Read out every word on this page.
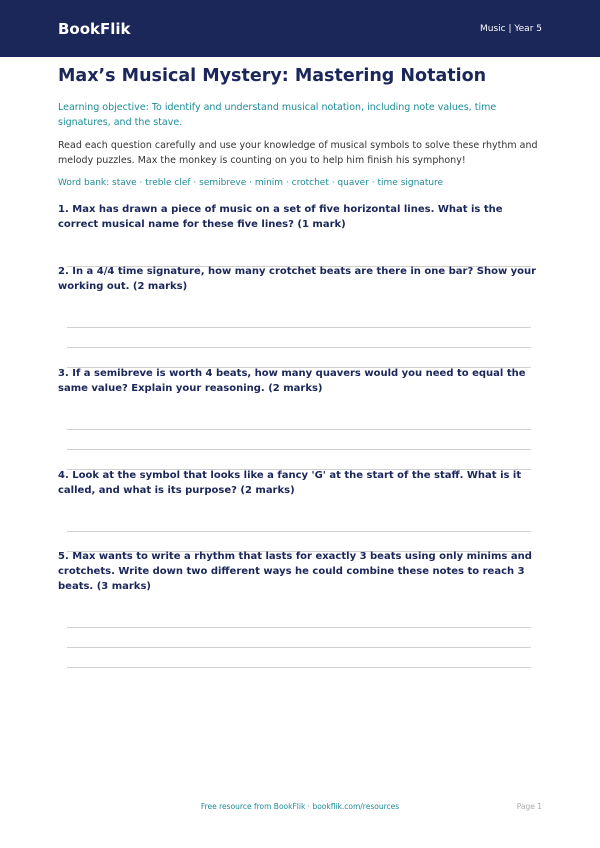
BookFlik	Music | Year 5
Max’s Musical Mystery: Mastering Notation

Learning objective: To identify and understand musical notation, including note values, time signatures, and the stave.

Read each question carefully and use your knowledge of musical symbols to solve these rhythm and melody puzzles. Max the monkey is counting on you to help him finish his symphony!

Word bank: stave · treble clef · semibreve · minim · crotchet · quaver · time signature

1. Max has drawn a piece of music on a set of five horizontal lines. What is the correct musical name for these five lines? (1 mark)
2. In a 4/4 time signature, how many crotchet beats are there in one bar? Show your working out. (2 marks)
3. If a semibreve is worth 4 beats, how many quavers would you need to equal the same value? Explain your reasoning. (2 marks)
4. Look at the symbol that looks like a fancy 'G' at the start of the staff. What is it called, and what is its purpose? (2 marks)
5. Max wants to write a rhythm that lasts for exactly 3 beats using only minims and crotchets. Write down two different ways he could combine these notes to reach 3 beats. (3 marks)
Free resource from BookFlik · bookflik.com/resources	Page 1
